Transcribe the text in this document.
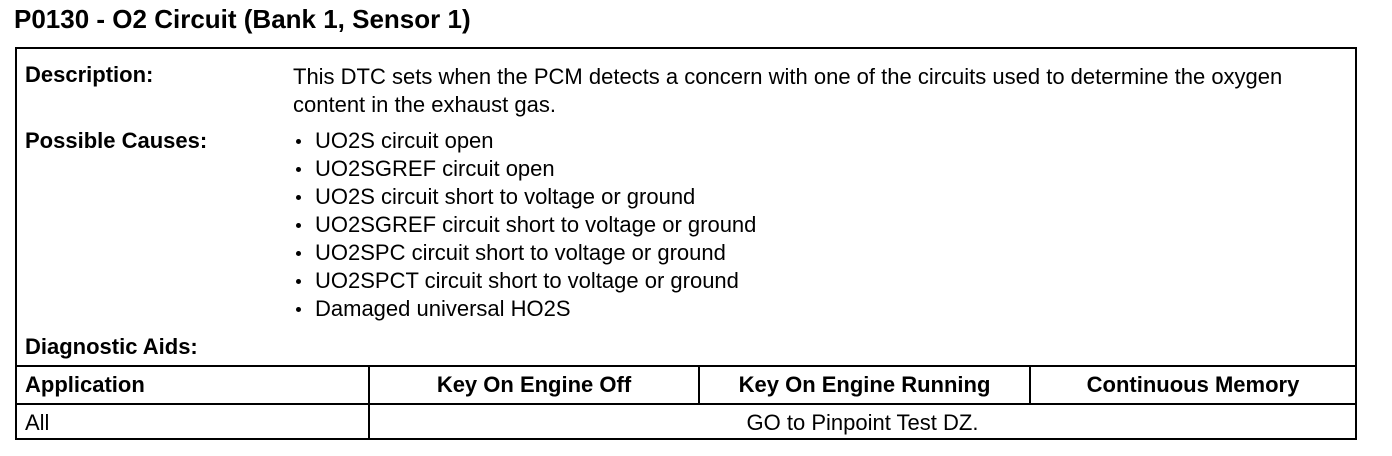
P0130 - O2 Circuit (Bank 1, Sensor 1)
Description:	This DTC sets when the PCM detects a concern with one of the circuits used to determine the oxygen content in the exhaust gas.
Possible Causes:	UO2S circuit open
UO2SGREF circuit open
UO2S circuit short to voltage or ground
UO2SGREF circuit short to voltage or ground
UO2SPC circuit short to voltage or ground
UO2SPCT circuit short to voltage or ground
Damaged universal HO2S
Diagnostic Aids:
Application	Key On Engine Off	Key On Engine Running	Continuous Memory
All	GO to Pinpoint Test DZ.
